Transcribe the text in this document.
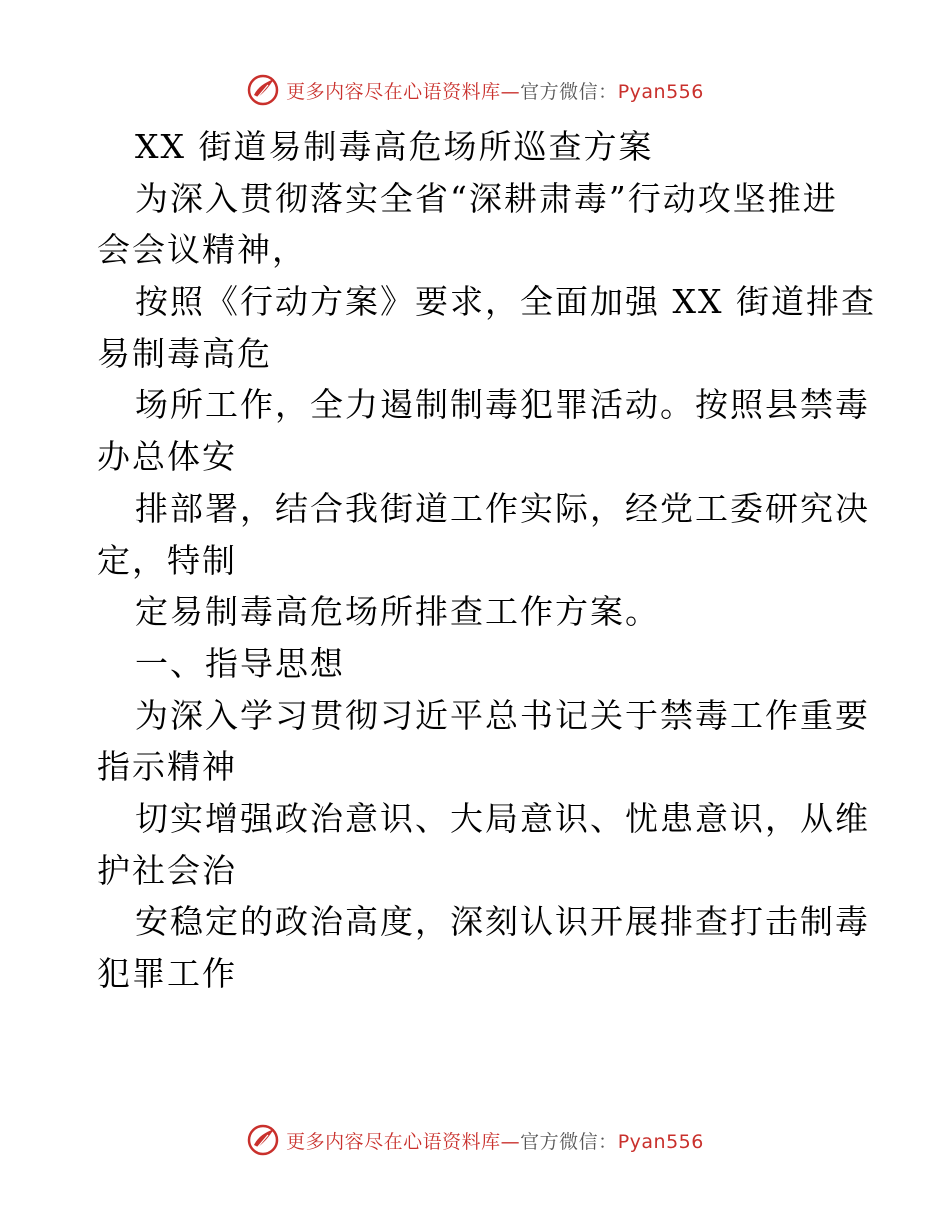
更多内容尽在心语资料库—官方微信：Pyan556
XX 街道易制毒高危场所巡查方案
为深入贯彻落实全省“深耕肃毒”行动攻坚推进
会会议精神，
按照《行动方案》要求，全面加强 XX 街道排查
易制毒高危
场所工作，全力遏制制毒犯罪活动。按照县禁毒
办总体安
排部署，结合我街道工作实际，经党工委研究决
定，特制
定易制毒高危场所排查工作方案。
一、指导思想
为深入学习贯彻习近平总书记关于禁毒工作重要
指示精神
切实增强政治意识、大局意识、忧患意识，从维
护社会治
安稳定的政治高度，深刻认识开展排查打击制毒
犯罪工作
更多内容尽在心语资料库—官方微信：Pyan556
